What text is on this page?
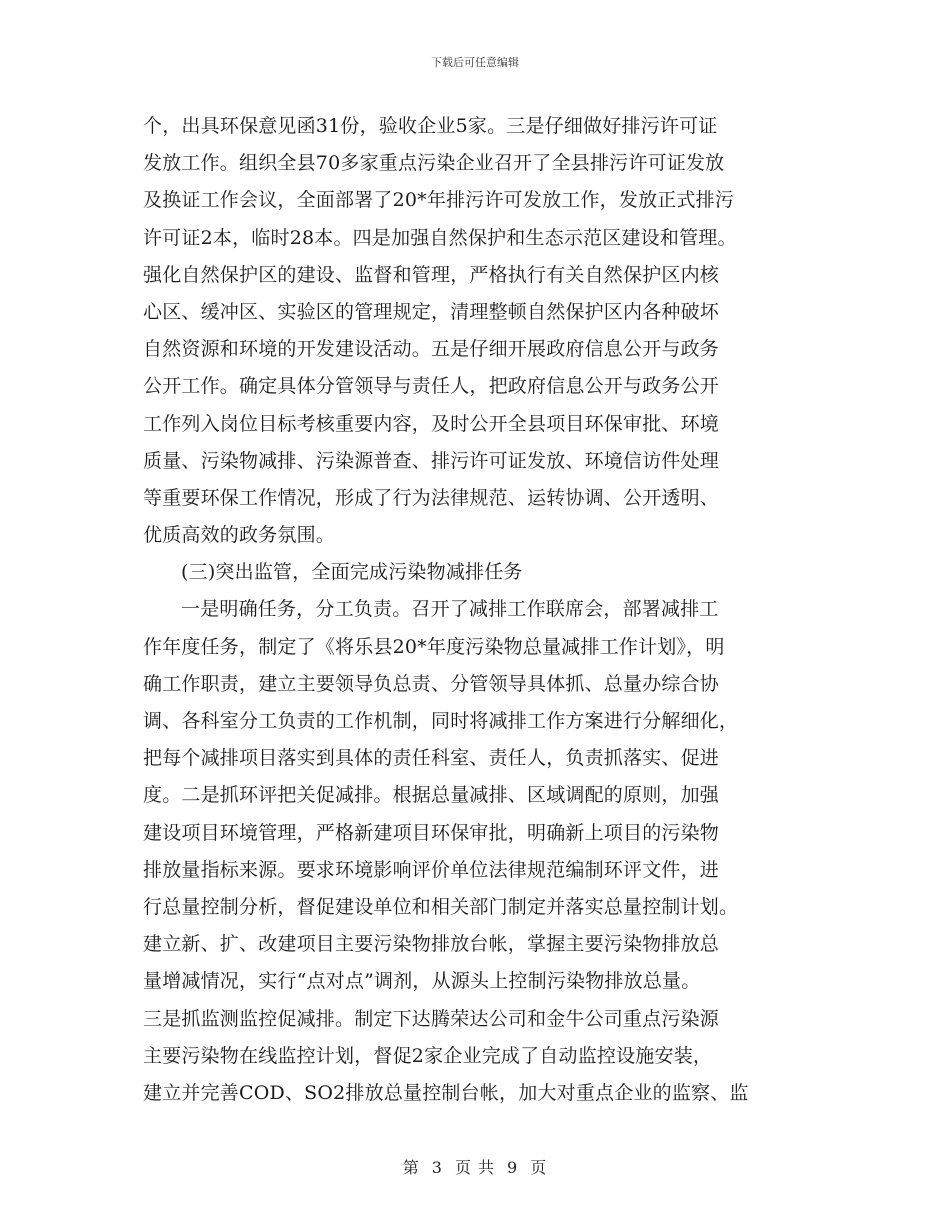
下载后可任意编辑
个，出具环保意见函31份，验收企业5家。三是仔细做好排污许可证
发放工作。组织全县70多家重点污染企业召开了全县排污许可证发放
及换证工作会议，全面部署了20*年排污许可发放工作，发放正式排污
许可证2本，临时28本。四是加强自然保护和生态示范区建设和管理。
强化自然保护区的建设、监督和管理，严格执行有关自然保护区内核
心区、缓冲区、实验区的管理规定，清理整顿自然保护区内各种破坏
自然资源和环境的开发建设活动。五是仔细开展政府信息公开与政务
公开工作。确定具体分管领导与责任人，把政府信息公开与政务公开
工作列入岗位目标考核重要内容，及时公开全县项目环保审批、环境
质量、污染物减排、污染源普查、排污许可证发放、环境信访件处理
等重要环保工作情况，形成了行为法律规范、运转协调、公开透明、
优质高效的政务氛围。
(三)突出监管，全面完成污染物减排任务
一是明确任务，分工负责。召开了减排工作联席会，部署减排工
作年度任务，制定了《将乐县20*年度污染物总量减排工作计划》，明
确工作职责，建立主要领导负总责、分管领导具体抓、总量办综合协
调、各科室分工负责的工作机制，同时将减排工作方案进行分解细化，
把每个减排项目落实到具体的责任科室、责任人，负责抓落实、促进
度。二是抓环评把关促减排。根据总量减排、区域调配的原则，加强
建设项目环境管理，严格新建项目环保审批，明确新上项目的污染物
排放量指标来源。要求环境影响评价单位法律规范编制环评文件，进
行总量控制分析，督促建设单位和相关部门制定并落实总量控制计划。
建立新、扩、改建项目主要污染物排放台帐，掌握主要污染物排放总
量增减情况，实行“点对点”调剂，从源头上控制污染物排放总量。
三是抓监测监控促减排。制定下达腾荣达公司和金牛公司重点污染源
主要污染物在线监控计划，督促2家企业完成了自动监控设施安装，
建立并完善COD、SO2排放总量控制台帐，加大对重点企业的监察、监
第 3 页 共 9 页
